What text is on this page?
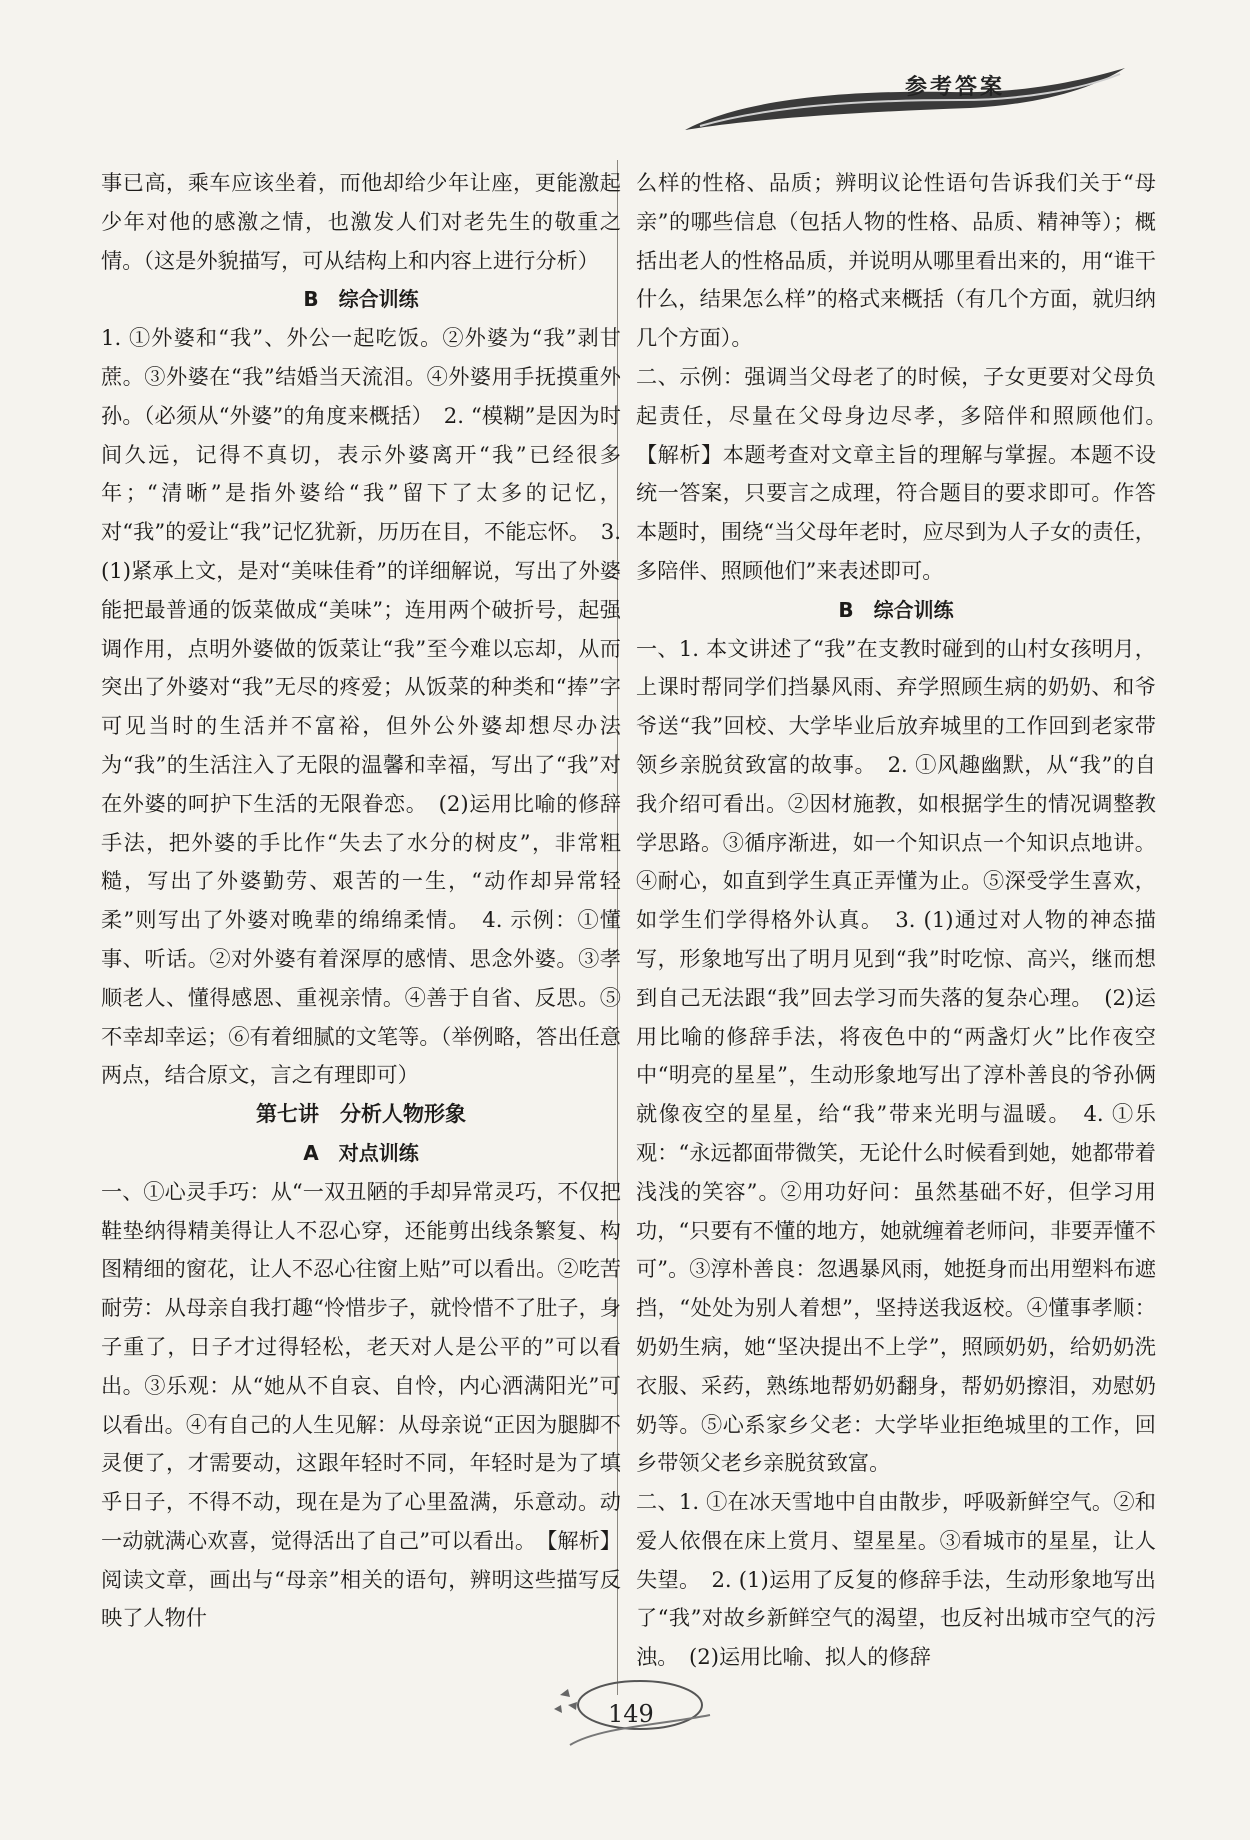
参考答案

事已高，乘车应该坐着，而他却给少年让座，更能激起少年对他的感激之情，也激发人们对老先生的敬重之情。（这是外貌描写，可从结构上和内容上进行分析）

B　综合训练

1. ①外婆和“我”、外公一起吃饭。②外婆为“我”剥甘蔗。③外婆在“我”结婚当天流泪。④外婆用手抚摸重外孙。（必须从“外婆”的角度来概括）　2. “模糊”是因为时间久远，记得不真切，表示外婆离开“我”已经很多年；“清晰”是指外婆给“我”留下了太多的记忆，对“我”的爱让“我”记忆犹新，历历在目，不能忘怀。　3. (1)紧承上文，是对“美味佳肴”的详细解说，写出了外婆能把最普通的饭菜做成“美味”；连用两个破折号，起强调作用，点明外婆做的饭菜让“我”至今难以忘却，从而突出了外婆对“我”无尽的疼爱；从饭菜的种类和“捧”字可见当时的生活并不富裕，但外公外婆却想尽办法为“我”的生活注入了无限的温馨和幸福，写出了“我”对在外婆的呵护下生活的无限眷恋。　(2)运用比喻的修辞手法，把外婆的手比作“失去了水分的树皮”，非常粗糙，写出了外婆勤劳、艰苦的一生，“动作却异常轻柔”则写出了外婆对晚辈的绵绵柔情。　4. 示例：①懂事、听话。②对外婆有着深厚的感情、思念外婆。③孝顺老人、懂得感恩、重视亲情。④善于自省、反思。⑤不幸却幸运；⑥有着细腻的文笔等。（举例略，答出任意两点，结合原文，言之有理即可）

第七讲　分析人物形象

A　对点训练

一、①心灵手巧：从“一双丑陋的手却异常灵巧，不仅把鞋垫纳得精美得让人不忍心穿，还能剪出线条繁复、构图精细的窗花，让人不忍心往窗上贴”可以看出。②吃苦耐劳：从母亲自我打趣“怜惜步子，就怜惜不了肚子，身子重了，日子才过得轻松，老天对人是公平的”可以看出。③乐观：从“她从不自哀、自怜，内心洒满阳光”可以看出。④有自己的人生见解：从母亲说“正因为腿脚不灵便了，才需要动，这跟年轻时不同，年轻时是为了填乎日子，不得不动，现在是为了心里盈满，乐意动。动一动就满心欢喜，觉得活出了自己”可以看出。　【解析】阅读文章，画出与“母亲”相关的语句，辨明这些描写反映了人物什

么样的性格、品质；辨明议论性语句告诉我们关于“母亲”的哪些信息（包括人物的性格、品质、精神等）；概括出老人的性格品质，并说明从哪里看出来的，用“谁干什么，结果怎么样”的格式来概括（有几个方面，就归纳几个方面）。

二、示例：强调当父母老了的时候，子女更要对父母负起责任，尽量在父母身边尽孝，多陪伴和照顾他们。　【解析】本题考查对文章主旨的理解与掌握。本题不设统一答案，只要言之成理，符合题目的要求即可。作答本题时，围绕“当父母年老时，应尽到为人子女的责任，多陪伴、照顾他们”来表述即可。

B　综合训练

一、1. 本文讲述了“我”在支教时碰到的山村女孩明月，上课时帮同学们挡暴风雨、弃学照顾生病的奶奶、和爷爷送“我”回校、大学毕业后放弃城里的工作回到老家带领乡亲脱贫致富的故事。　2. ①风趣幽默，从“我”的自我介绍可看出。②因材施教，如根据学生的情况调整教学思路。③循序渐进，如一个知识点一个知识点地讲。④耐心，如直到学生真正弄懂为止。⑤深受学生喜欢，如学生们学得格外认真。　3. (1)通过对人物的神态描写，形象地写出了明月见到“我”时吃惊、高兴，继而想到自己无法跟“我”回去学习而失落的复杂心理。　(2)运用比喻的修辞手法，将夜色中的“两盏灯火”比作夜空中“明亮的星星”，生动形象地写出了淳朴善良的爷孙俩就像夜空的星星，给“我”带来光明与温暖。　4. ①乐观：“永远都面带微笑，无论什么时候看到她，她都带着浅浅的笑容”。②用功好问：虽然基础不好，但学习用功，“只要有不懂的地方，她就缠着老师问，非要弄懂不可”。③淳朴善良：忽遇暴风雨，她挺身而出用塑料布遮挡，“处处为别人着想”，坚持送我返校。④懂事孝顺：奶奶生病，她“坚决提出不上学”，照顾奶奶，给奶奶洗衣服、采药，熟练地帮奶奶翻身，帮奶奶擦泪，劝慰奶奶等。⑤心系家乡父老：大学毕业拒绝城里的工作，回乡带领父老乡亲脱贫致富。

二、1. ①在冰天雪地中自由散步，呼吸新鲜空气。②和爱人依偎在床上赏月、望星星。③看城市的星星，让人失望。　2. (1)运用了反复的修辞手法，生动形象地写出了“我”对故乡新鲜空气的渴望，也反衬出城市空气的污浊。　(2)运用比喻、拟人的修辞

149
